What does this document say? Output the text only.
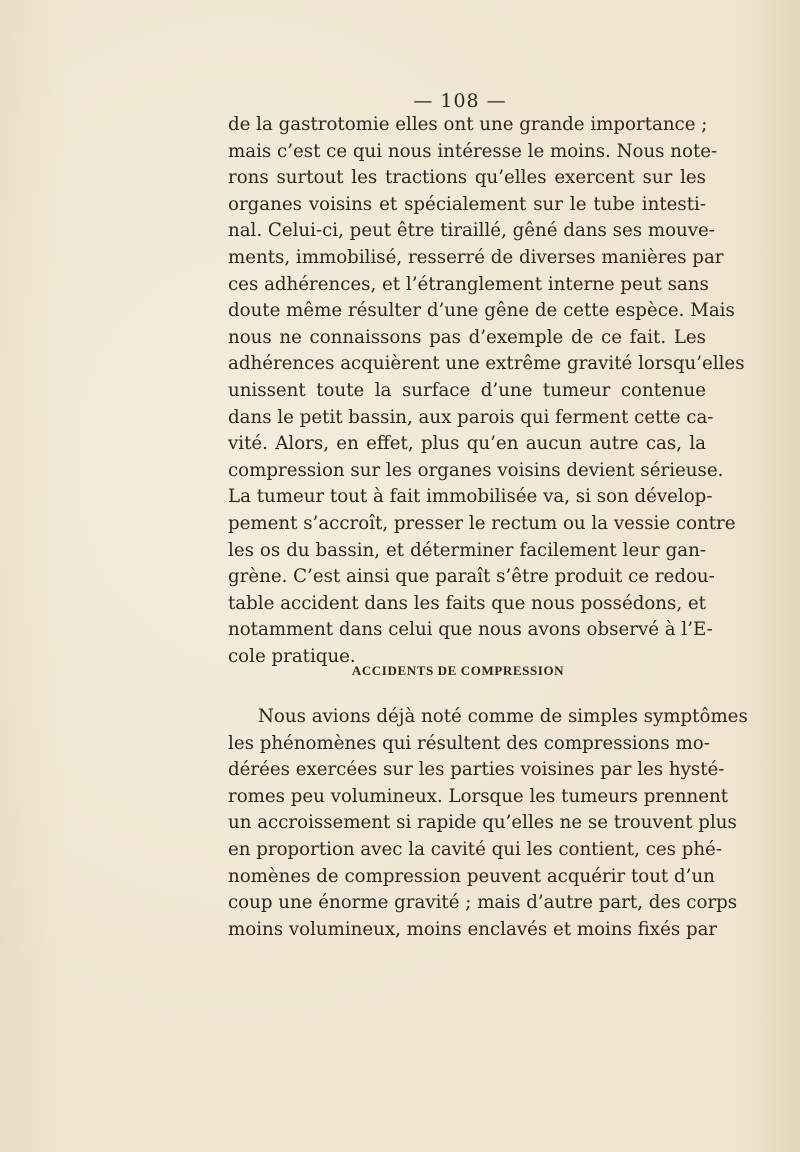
— 108 —
de la gastrotomie elles ont une grande importance ;
mais c’est ce qui nous intéresse le moins. Nous note-
rons surtout les tractions qu’elles exercent sur les
organes voisins et spécialement sur le tube intesti-
nal. Celui-ci, peut être tiraillé, gêné dans ses mouve-
ments, immobilisé, resserré de diverses manières par
ces adhérences, et l’étranglement interne peut sans
doute même résulter d’une gêne de cette espèce. Mais
nous ne connaissons pas d’exemple de ce fait. Les
adhérences acquièrent une extrême gravité lorsqu’elles
unissent toute la surface d’une tumeur contenue
dans le petit bassin, aux parois qui ferment cette ca-
vité. Alors, en effet, plus qu’en aucun autre cas, la
compression sur les organes voisins devient sérieuse.
La tumeur tout à fait immobilisée va, si son dévelop-
pement s’accroît, presser le rectum ou la vessie contre
les os du bassin, et déterminer facilement leur gan-
grène. C’est ainsi que paraît s’être produit ce redou-
table accident dans les faits que nous possédons, et
notamment dans celui que nous avons observé à l’E-
cole pratique.
ACCIDENTS DE COMPRESSION
Nous avions déjà noté comme de simples symptômes
les phénomènes qui résultent des compressions mo-
dérées exercées sur les parties voisines par les hysté-
romes peu volumineux. Lorsque les tumeurs prennent
un accroissement si rapide qu’elles ne se trouvent plus
en proportion avec la cavité qui les contient, ces phé-
nomènes de compression peuvent acquérir tout d’un
coup une énorme gravité ; mais d’autre part, des corps
moins volumineux, moins enclavés et moins fixés par
